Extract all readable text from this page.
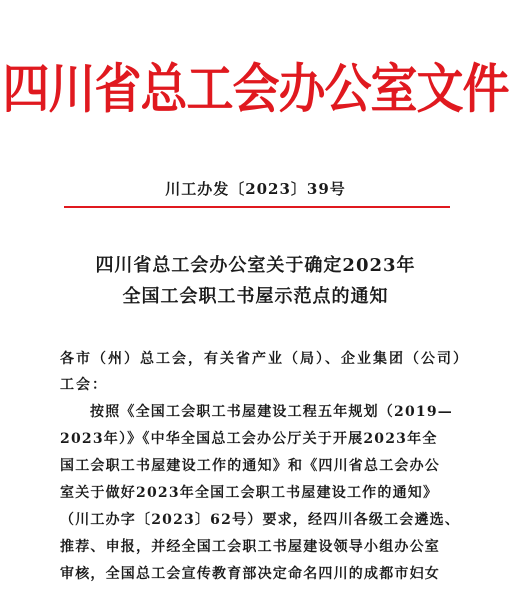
四川省总工会办公室文件
川工办发〔2023〕39号
四川省总工会办公室关于确定2023年
全国工会职工书屋示范点的通知
各市（州）总工会，有关省产业（局）、企业集团（公司）
工会：
按照《全国工会职工书屋建设工程五年规划（2019—
2023年）》《中华全国总工会办公厅关于开展2023年全
国工会职工书屋建设工作的通知》和《四川省总工会办公
室关于做好2023年全国工会职工书屋建设工作的通知》
（川工办字〔2023〕62号）要求，经四川各级工会遴选、
推荐、申报，并经全国工会职工书屋建设领导小组办公室
审核，全国总工会宣传教育部决定命名四川的成都市妇女
